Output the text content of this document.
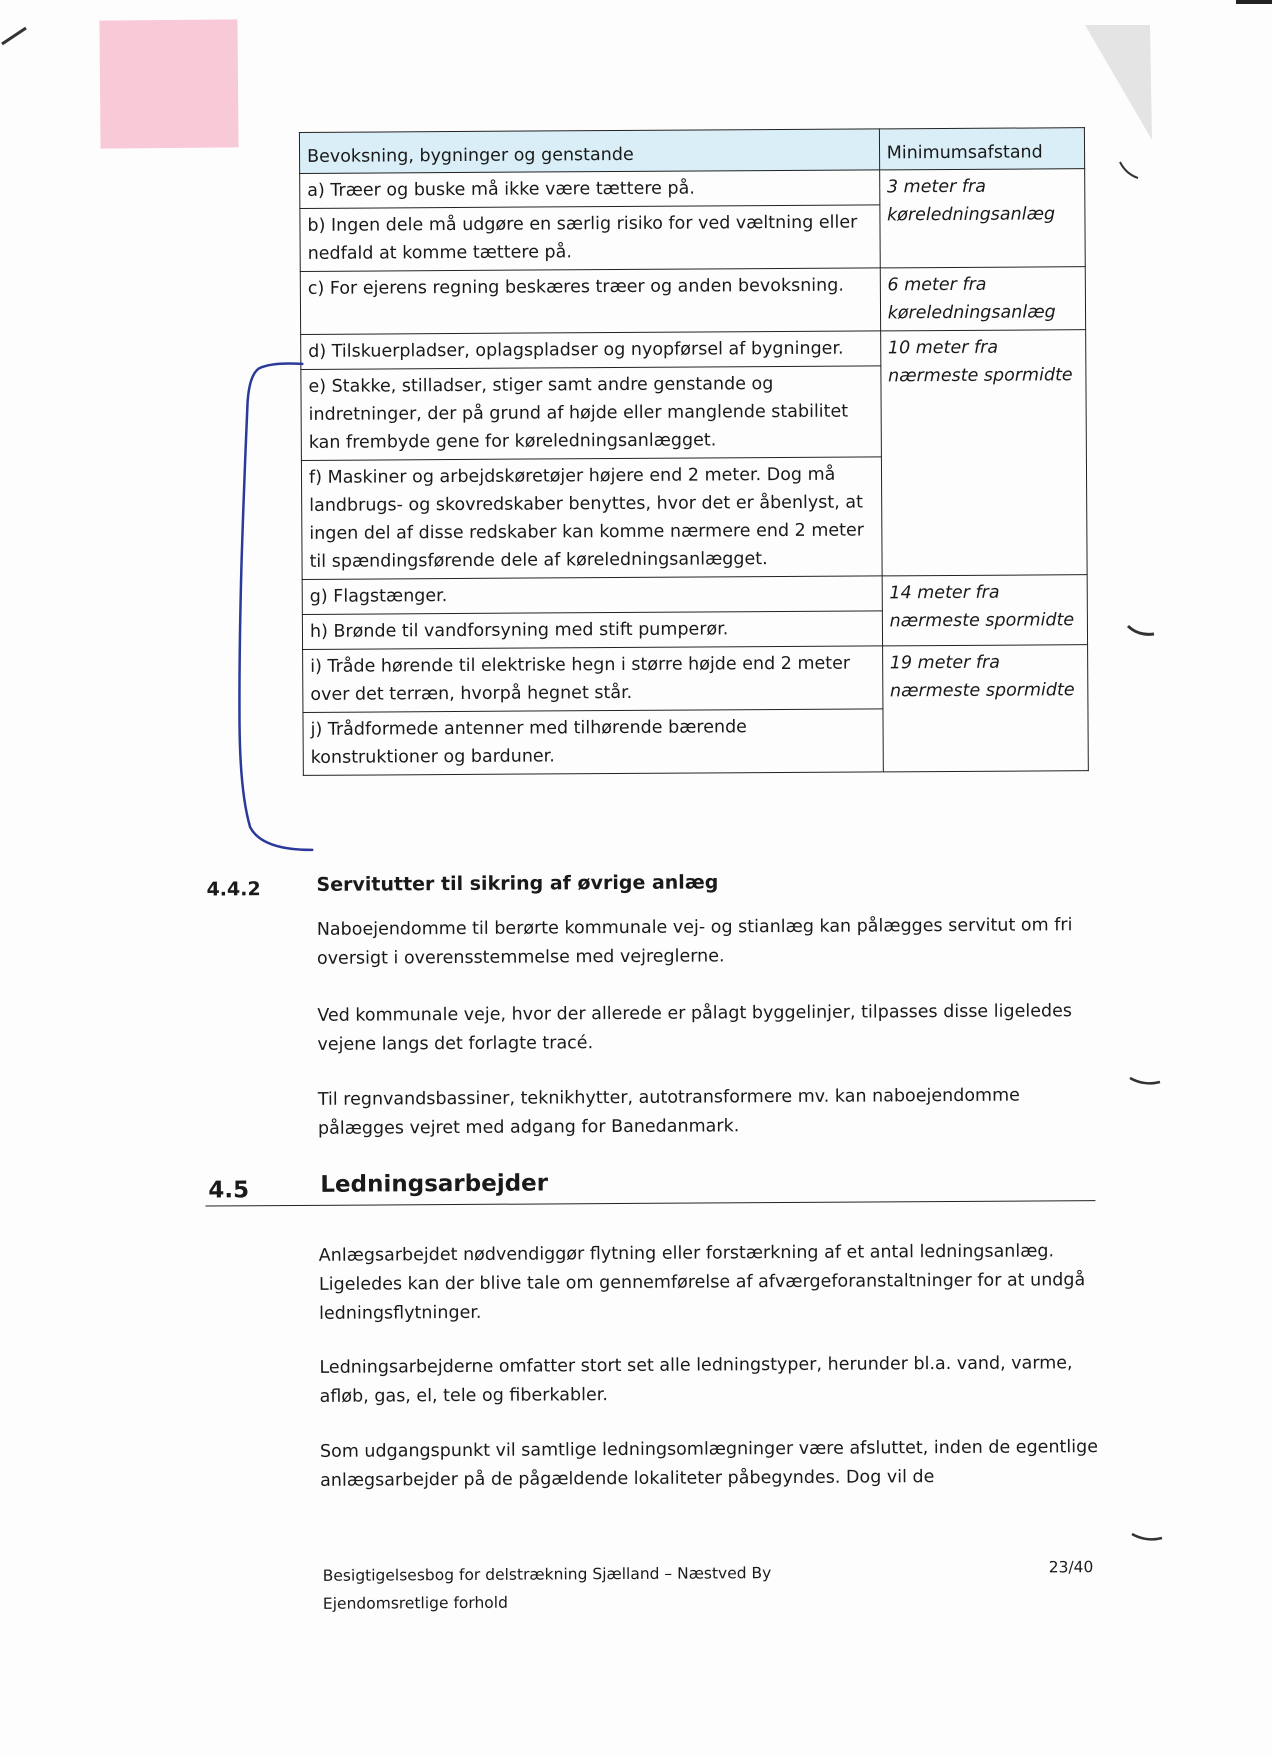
Bevoksning, bygninger og genstande	Minimumsafstand
a) Træer og buske må ikke være tættere på.	3 meter fra køreledningsanlæg
b) Ingen dele må udgøre en særlig risiko for ved væltning eller nedfald at komme tættere på.	
c) For ejerens regning beskæres træer og anden bevoksning.	6 meter fra køreledningsanlæg
d) Tilskuerpladser, oplagspladser og nyopførsel af bygninger.	10 meter fra nærmeste spormidte
e) Stakke, stilladser, stiger samt andre genstande og indretninger, der på grund af højde eller manglende stabilitet kan frembyde gene for køreledningsanlægget.	
f) Maskiner og arbejdskøretøjer højere end 2 meter. Dog må landbrugs- og skovredskaber benyttes, hvor det er åbenlyst, at ingen del af disse redskaber kan komme nærmere end 2 meter til spændingsførende dele af køreledningsanlægget.	
g) Flagstænger.	14 meter fra nærmeste spormidte
h) Brønde til vandforsyning med stift pumperør.	
i) Tråde hørende til elektriske hegn i større højde end 2 meter over det terræn, hvorpå hegnet står.	19 meter fra nærmeste spormidte
j) Trådformede antenner med tilhørende bærende konstruktioner og barduner.	
4.4.2	Servitutter til sikring af øvrige anlæg

Naboejendomme til berørte kommunale vej- og stianlæg kan pålægges servitut om fri oversigt i overensstemmelse med vejreglerne.

Ved kommunale veje, hvor der allerede er pålagt byggelinjer, tilpasses disse ligeledes vejene langs det forlagte tracé.

Til regnvandsbassiner, teknikhytter, autotransformere mv. kan naboejendomme pålægges vejret med adgang for Banedanmark.

4.5	Ledningsarbejder

Anlægsarbejdet nødvendiggør flytning eller forstærkning af et antal ledningsanlæg. Ligeledes kan der blive tale om gennemførelse af afværgeforanstaltninger for at undgå ledningsflytninger.

Ledningsarbejderne omfatter stort set alle ledningstyper, herunder bl.a. vand, varme, afløb, gas, el, tele og fiberkabler.

Som udgangspunkt vil samtlige ledningsomlægninger være afsluttet, inden de egentlige anlægsarbejder på de pågældende lokaliteter påbegyndes. Dog vil de

Besigtigelsesbog for delstrækning Sjælland – Næstved By
Ejendomsretlige forhold
23/40
